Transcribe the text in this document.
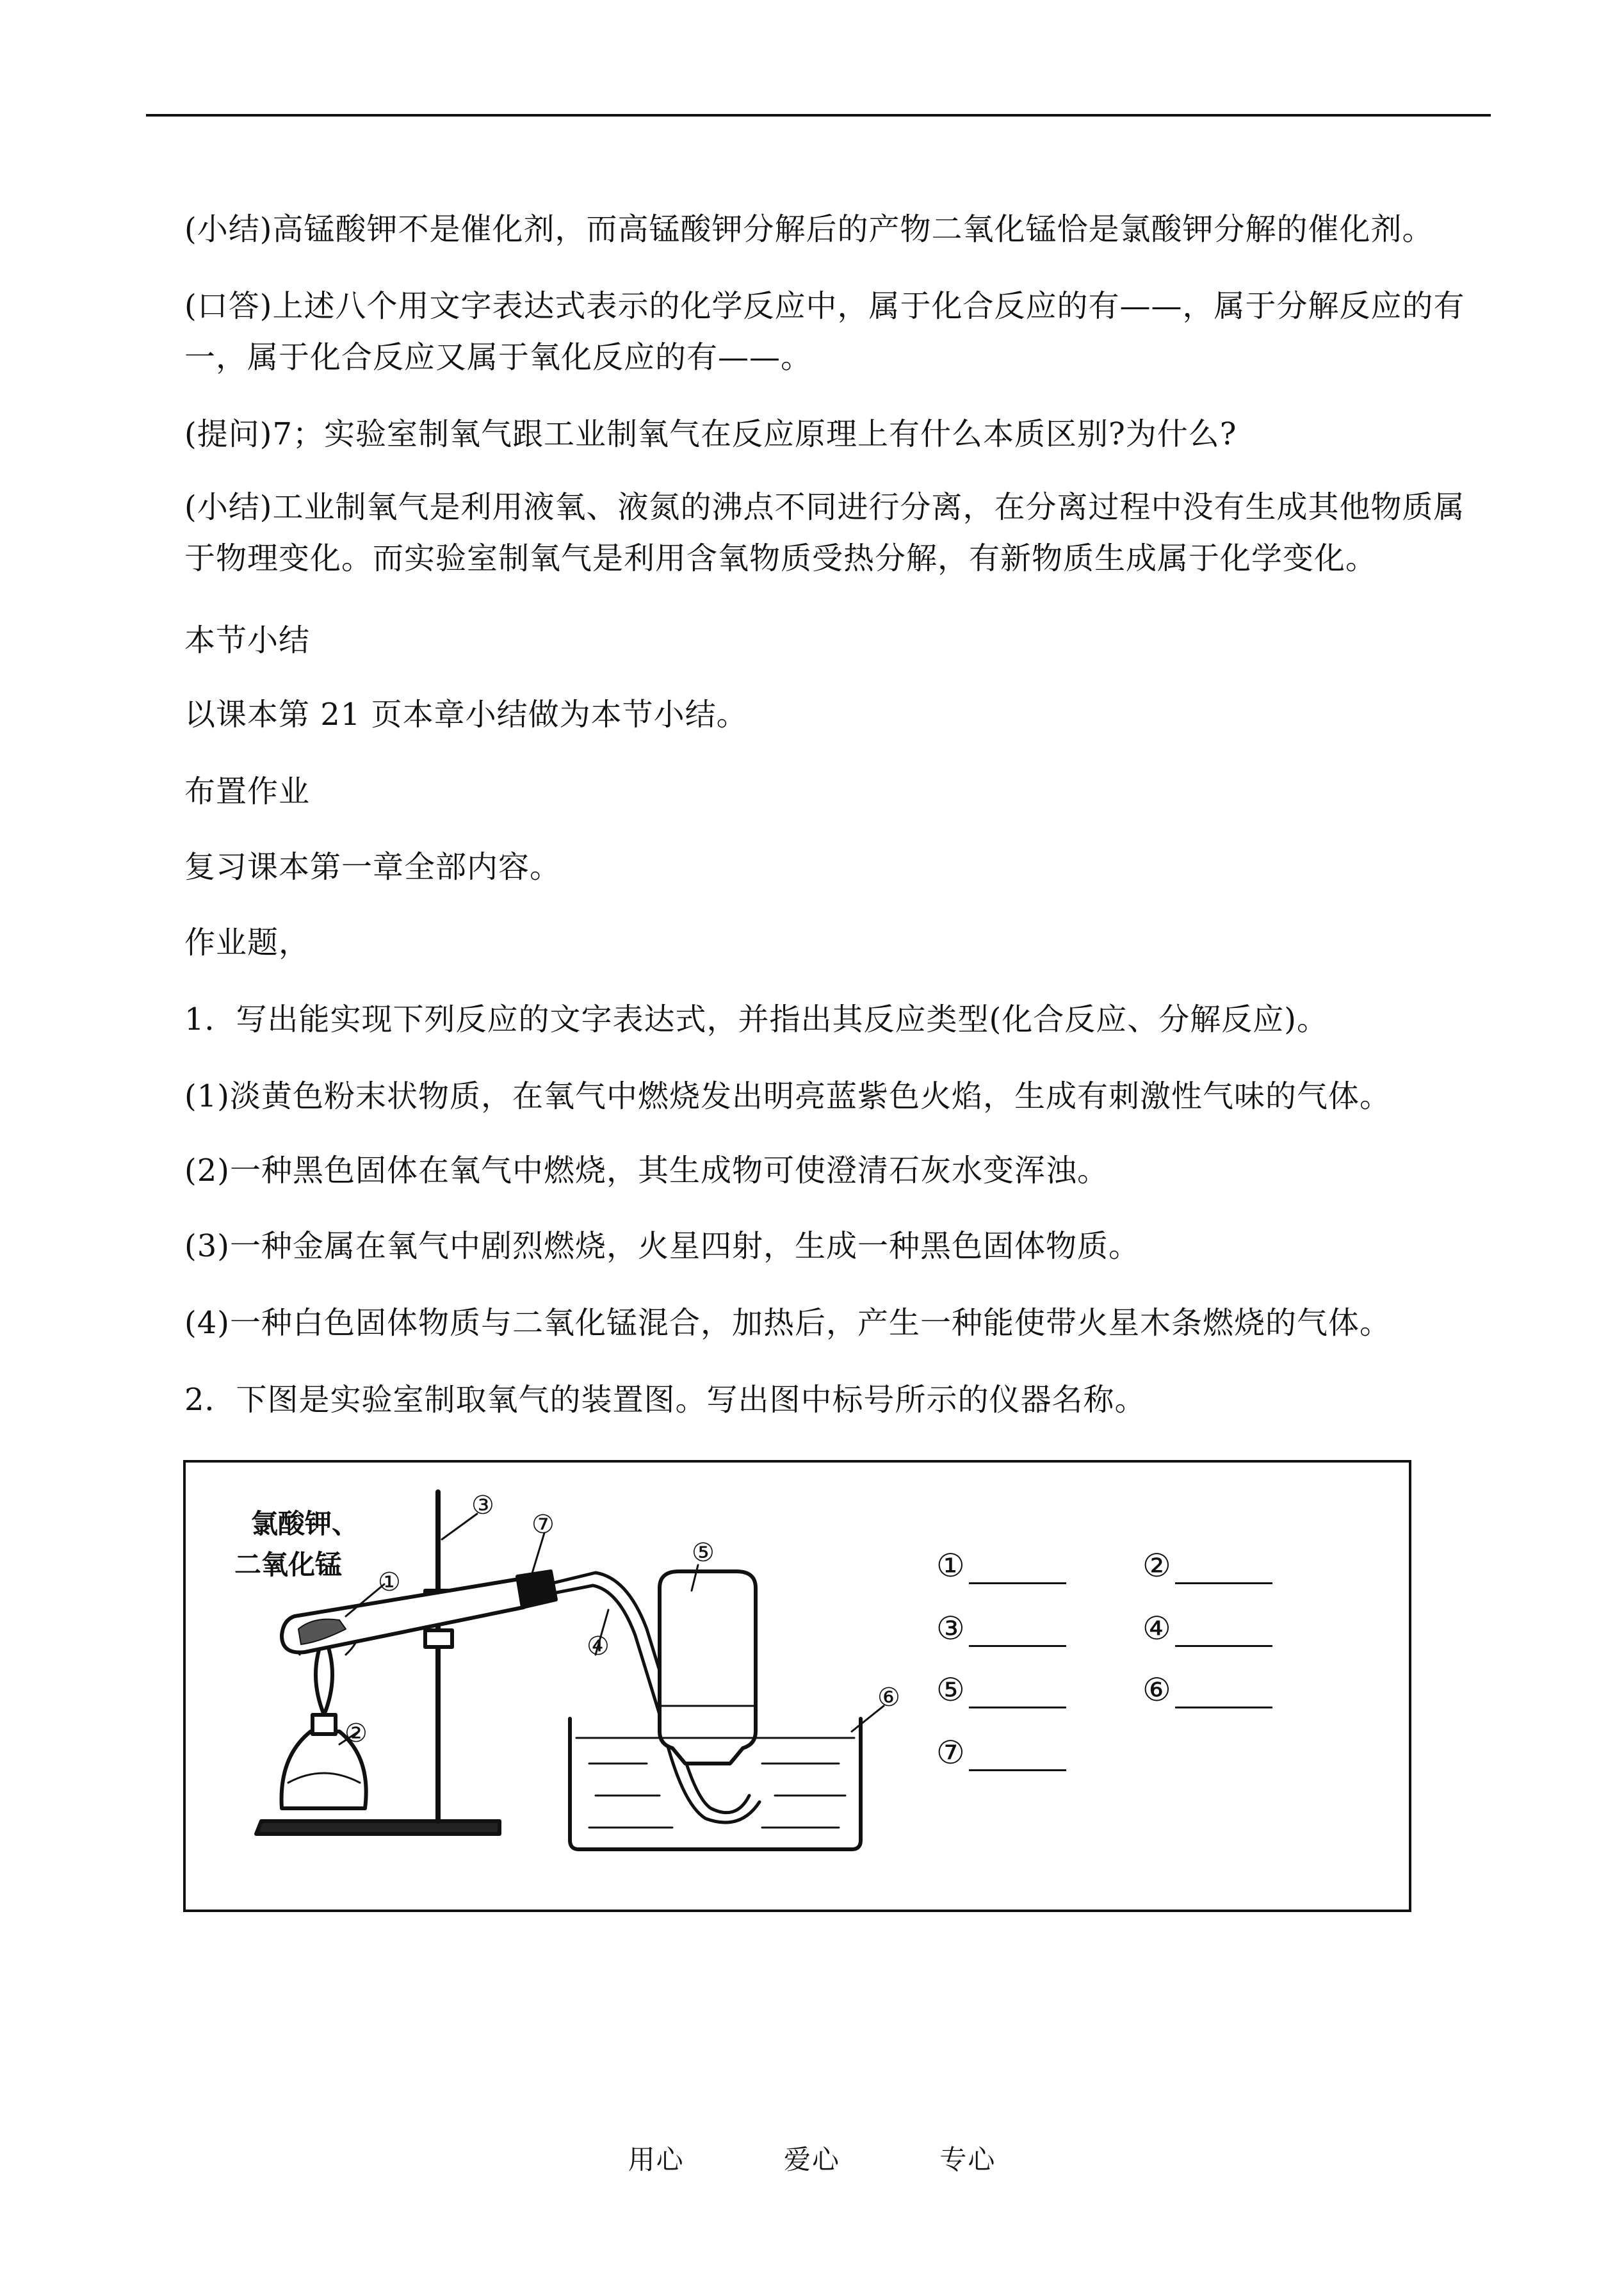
(小结)高锰酸钾不是催化剂，而高锰酸钾分解后的产物二氧化锰恰是氯酸钾分解的催化剂。
(口答)上述八个用文字表达式表示的化学反应中，属于化合反应的有——，属于分解反应的有一，属于化合反应又属于氧化反应的有——。
(提问)7；实验室制氧气跟工业制氧气在反应原理上有什么本质区别?为什么?
(小结)工业制氧气是利用液氧、液氮的沸点不同进行分离，在分离过程中没有生成其他物质属于物理变化。而实验室制氧气是利用含氧物质受热分解，有新物质生成属于化学变化。
本节小结
以课本第 21 页本章小结做为本节小结。
布置作业
复习课本第一章全部内容。
作业题，
1．写出能实现下列反应的文字表达式，并指出其反应类型(化合反应、分解反应)。
(1)淡黄色粉末状物质，在氧气中燃烧发出明亮蓝紫色火焰，生成有刺激性气味的气体。
(2)一种黑色固体在氧气中燃烧，其生成物可使澄清石灰水变浑浊。
(3)一种金属在氧气中剧烈燃烧，火星四射，生成一种黑色固体物质。
(4)一种白色固体物质与二氧化锰混合，加热后，产生一种能使带火星木条燃烧的气体。
2．下图是实验室制取氧气的装置图。写出图中标号所示的仪器名称。
①
②
③
④
⑤
⑥
⑦
氯酸钾、
二氧化锰	①	②
③	④
⑤	⑥
⑦
用心	爱心	专心
